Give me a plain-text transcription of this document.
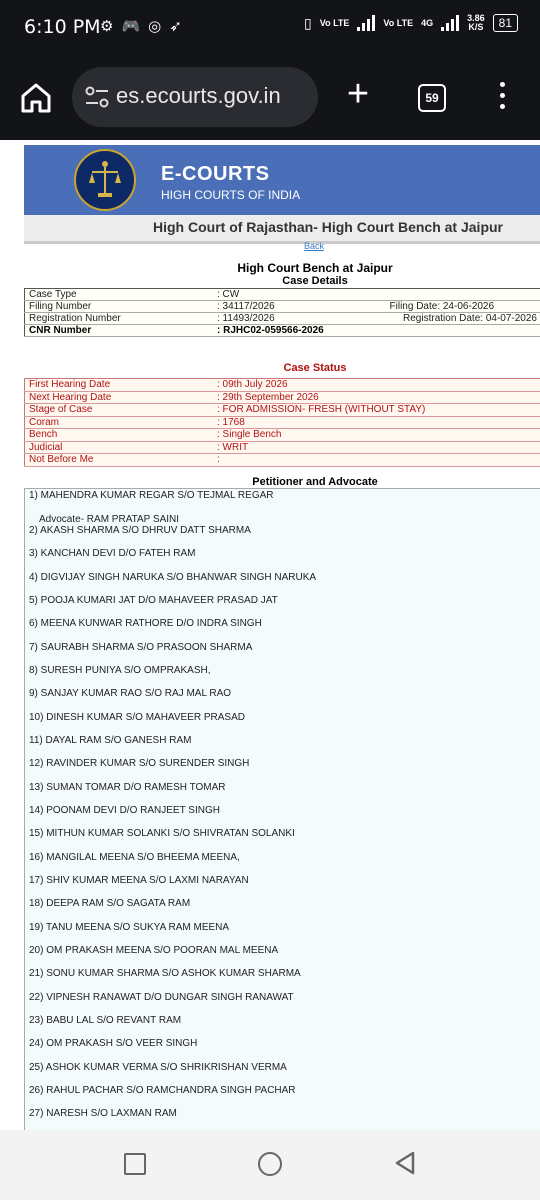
6:10 PM ⚙🎮◎➶	▯ Vo LTE	Vo LTE 4G	3.86
K/S	81
es.ecourts.gov.in	+	59
E-COURTS
HIGH COURTS OF INDIA
High Court of Rajasthan- High Court Bench at Jaipur
Back
High Court Bench at Jaipur
Case Details
Case Type	: CW	
Filing Number	: 34117/2026	Filing Date: 24-06-2026
Registration Number	: 11493/2026	Registration Date: 04-07-2026
CNR Number	: RJHC02-059566-2026	
Case Status
First Hearing Date	: 09th July 2026
Next Hearing Date	: 29th September 2026
Stage of Case	: FOR ADMISSION- FRESH (WITHOUT STAY)
Coram	: 1768
Bench	: Single Bench
Judicial	: WRIT
Not Before Me	:
Petitioner and Advocate
1) MAHENDRA KUMAR REGAR S/O TEJMAL REGAR
Advocate- RAM PRATAP SAINI
2) AKASH SHARMA S/O DHRUV DATT SHARMA
3) KANCHAN DEVI D/O FATEH RAM
4) DIGVIJAY SINGH NARUKA S/O BHANWAR SINGH NARUKA
5) POOJA KUMARI JAT D/O MAHAVEER PRASAD JAT
6) MEENA KUNWAR RATHORE D/O INDRA SINGH
7) SAURABH SHARMA S/O PRASOON SHARMA
8) SURESH PUNIYA S/O OMPRAKASH,
9) SANJAY KUMAR RAO S/O RAJ MAL RAO
10) DINESH KUMAR S/O MAHAVEER PRASAD
11) DAYAL RAM S/O GANESH RAM
12) RAVINDER KUMAR S/O SURENDER SINGH
13) SUMAN TOMAR D/O RAMESH TOMAR
14) POONAM DEVI D/O RANJEET SINGH
15) MITHUN KUMAR SOLANKI S/O SHIVRATAN SOLANKI
16) MANGILAL MEENA S/O BHEEMA MEENA,
17) SHIV KUMAR MEENA S/O LAXMI NARAYAN
18) DEEPA RAM S/O SAGATA RAM
19) TANU MEENA S/O SUKYA RAM MEENA
20) OM PRAKASH MEENA S/O POORAN MAL MEENA
21) SONU KUMAR SHARMA S/O ASHOK KUMAR SHARMA
22) VIPNESH RANAWAT D/O DUNGAR SINGH RANAWAT
23) BABU LAL S/O REVANT RAM
24) OM PRAKASH S/O VEER SINGH
25) ASHOK KUMAR VERMA S/O SHRIKRISHAN VERMA
26) RAHUL PACHAR S/O RAMCHANDRA SINGH PACHAR
27) NARESH S/O LAXMAN RAM
